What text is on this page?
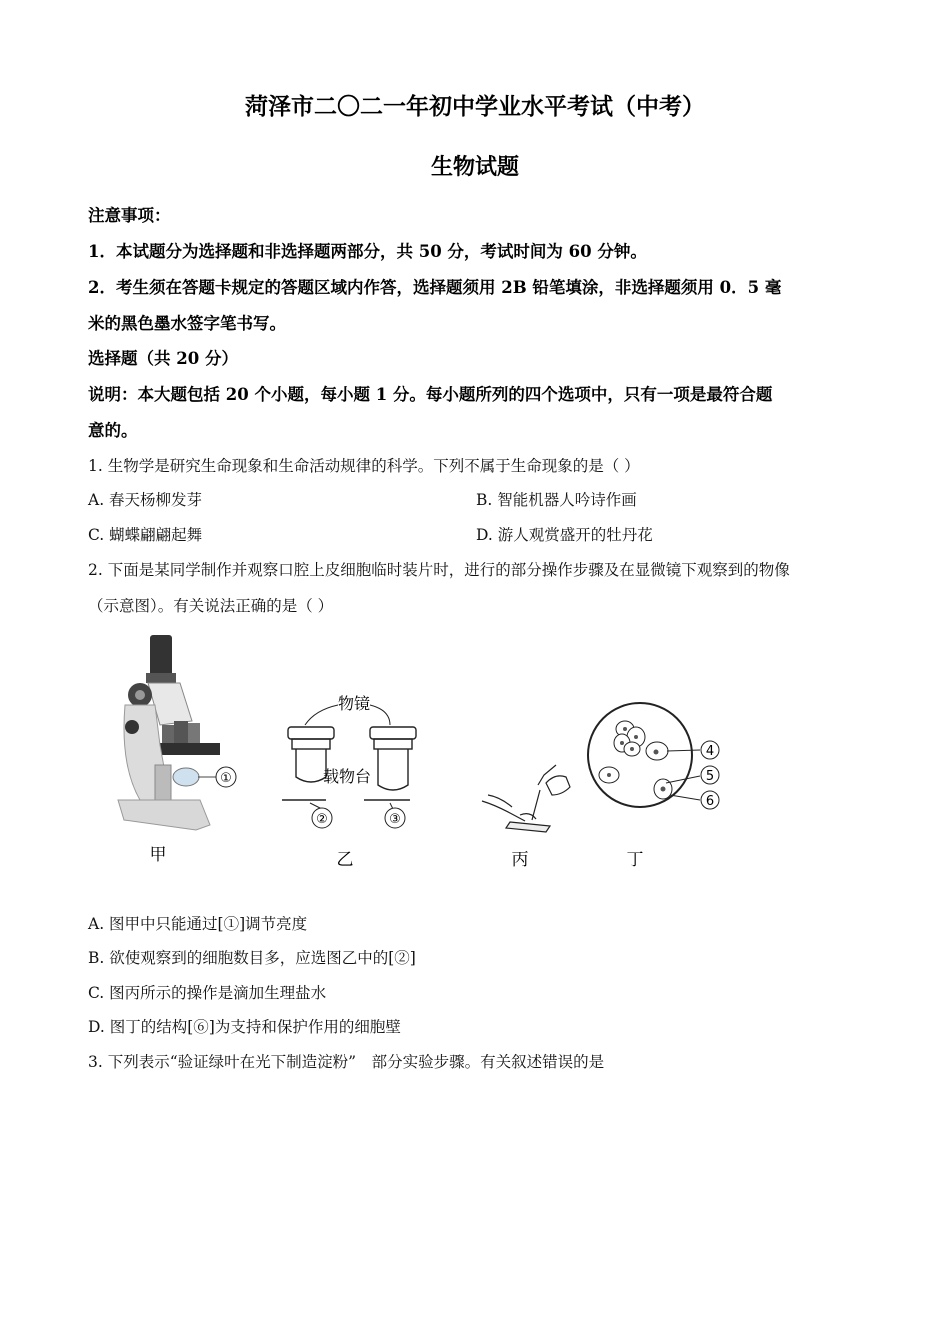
菏泽市二〇二一年初中学业水平考试（中考）
生物试题
注意事项：
1．本试题分为选择题和非选择题两部分，共 50 分，考试时间为 60 分钟。
2．考生须在答题卡规定的答题区域内作答，选择题须用 2B 铅笔填涂，非选择题须用 0．5 毫
米的黑色墨水签字笔书写。
选择题（共 20 分）
说明：本大题包括 20 个小题，每小题 1 分。每小题所列的四个选项中，只有一项是最符合题
意的。
1. 生物学是研究生命现象和生命活动规律的科学。下列不属于生命现象的是（ ）
A. 春天杨柳发芽	B. 智能机器人吟诗作画
C. 蝴蝶翩翩起舞	D. 游人观赏盛开的牡丹花
2. 下面是某同学制作并观察口腔上皮细胞临时装片时，进行的部分操作步骤及在显微镜下观察到的物像
（示意图）。有关说法正确的是（ ）
①
物镜
载物台
②	③
4
5
6
甲	乙	丙	丁
A. 图甲中只能通过[①]调节亮度
B. 欲使观察到的细胞数目多，应选图乙中的[②]
C. 图丙所示的操作是滴加生理盐水
D. 图丁的结构[⑥]为支持和保护作用的细胞壁
3. 下列表示“验证绿叶在光下制造淀粉”　部分实验步骤。有关叙述错误的是
